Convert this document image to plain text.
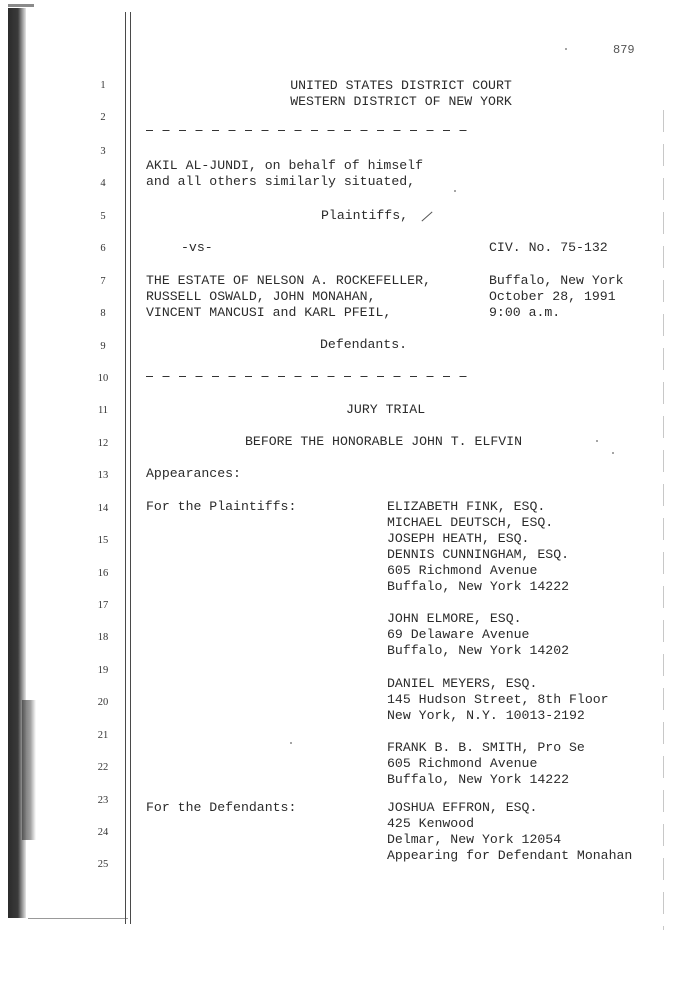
879
1
2
3
4
5
6
7
8
9
10
11
12
13
14
15
16
17
18
19
20
21
22
23
24
25
UNITED STATES DISTRICT COURT
WESTERN DISTRICT OF NEW YORK
AKIL AL-JUNDI, on behalf of himself
and all others similarly situated,
Plaintiffs,
-vs-	CIV. No. 75-132
THE ESTATE OF NELSON A. ROCKEFELLER,
RUSSELL OSWALD, JOHN MONAHAN,
VINCENT MANCUSI and KARL PFEIL,
Buffalo, New York
October 28, 1991
9:00 a.m.
Defendants.
JURY TRIAL
BEFORE THE HONORABLE JOHN T. ELFVIN
Appearances:
For the Plaintiffs:	ELIZABETH FINK, ESQ.
MICHAEL DEUTSCH, ESQ.
JOSEPH HEATH, ESQ.
DENNIS CUNNINGHAM, ESQ.
605 Richmond Avenue
Buffalo, New York 14222
JOHN ELMORE, ESQ.
69 Delaware Avenue
Buffalo, New York 14202
DANIEL MEYERS, ESQ.
145 Hudson Street, 8th Floor
New York, N.Y. 10013-2192
FRANK B. B. SMITH, Pro Se
605 Richmond Avenue
Buffalo, New York 14222
For the Defendants:	JOSHUA EFFRON, ESQ.
425 Kenwood
Delmar, New York 12054
Appearing for Defendant Monahan
